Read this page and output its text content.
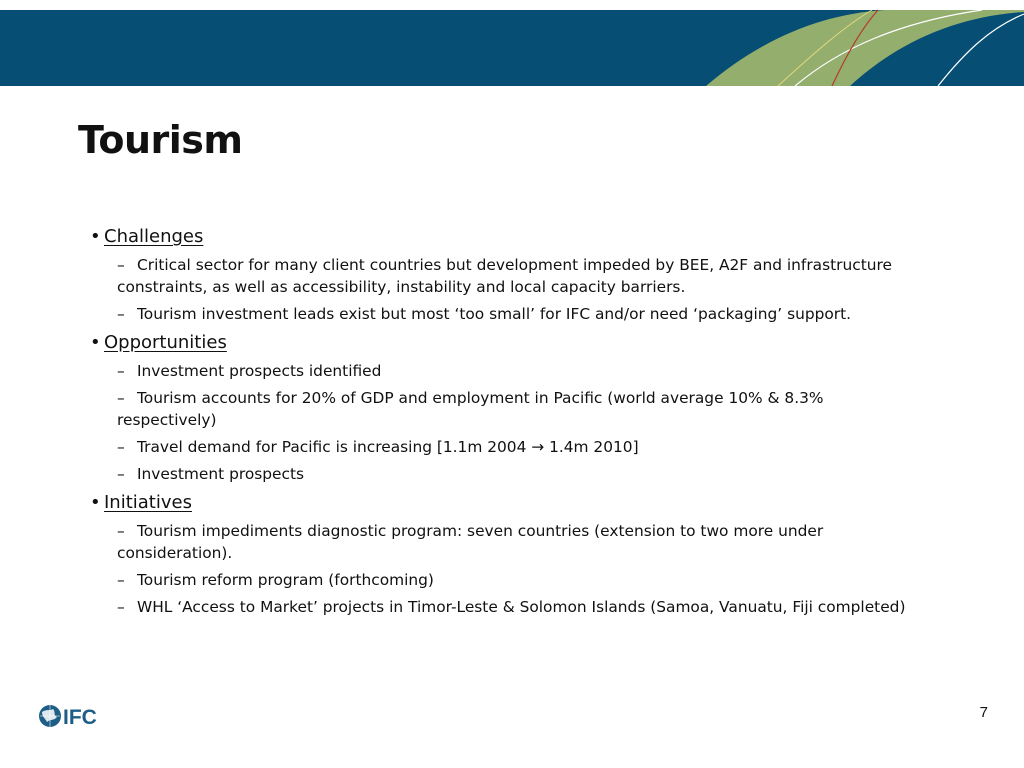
Tourism
• Challenges
– Critical sector for many client countries but development impeded by BEE, A2F and infrastructure constraints, as well as accessibility, instability and local capacity barriers.
– Tourism investment leads exist but most ‘too small’ for IFC and/or need ‘packaging’ support.
• Opportunities
– Investment prospects identified
– Tourism accounts for 20% of GDP and employment in Pacific (world average 10% & 8.3% respectively)
– Travel demand for Pacific is increasing [1.1m 2004 → 1.4m 2010]
– Investment prospects
• Initiatives
– Tourism impediments diagnostic program: seven countries (extension to two more under consideration).
– Tourism reform program (forthcoming)
– WHL ‘Access to Market’ projects in Timor-Leste & Solomon Islands (Samoa, Vanuatu, Fiji completed)
IFC	7
